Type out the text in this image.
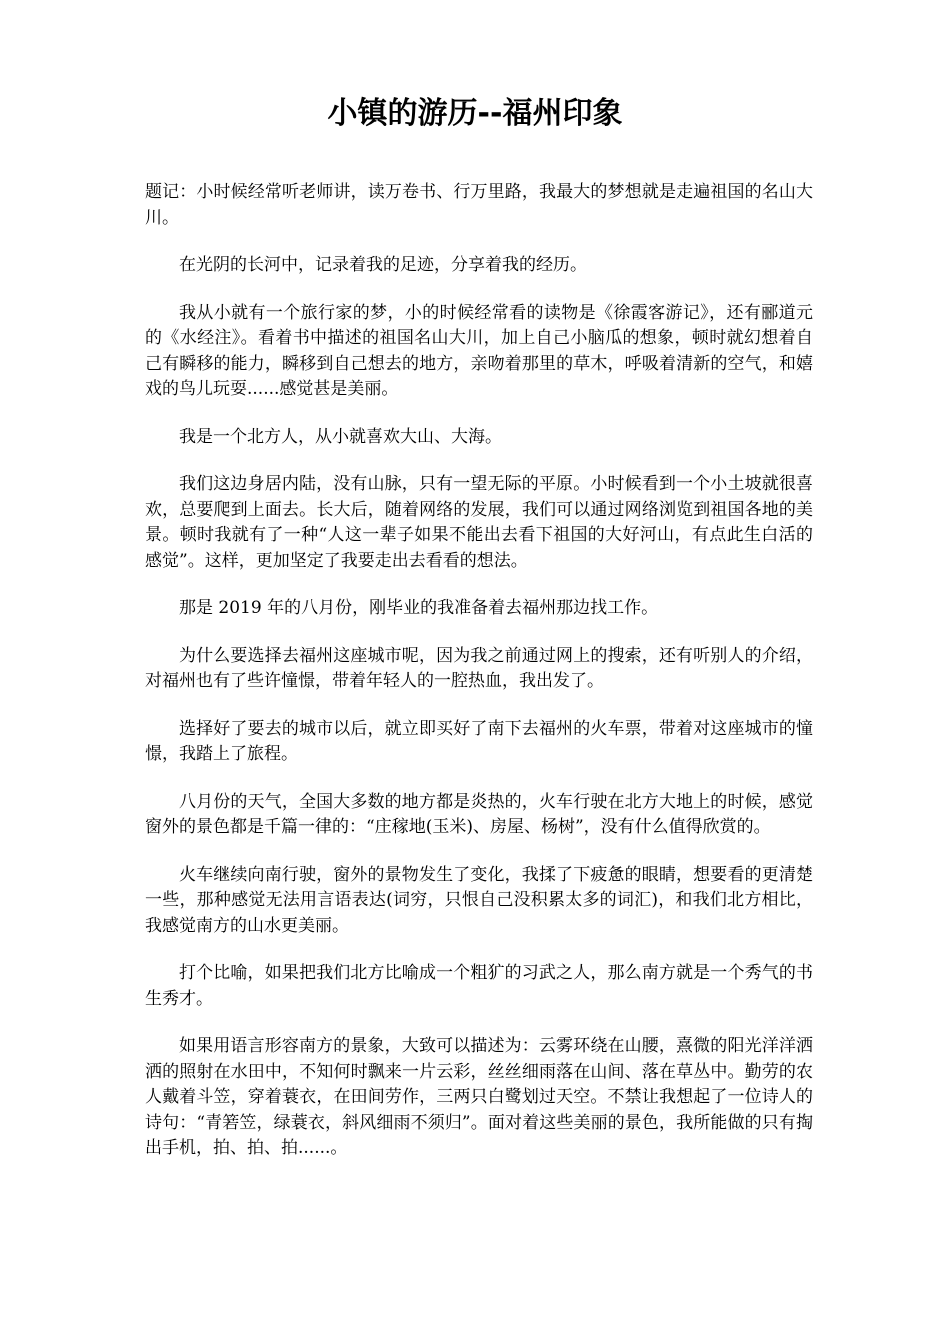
小镇的游历--福州印象

题记：小时候经常听老师讲，读万卷书、行万里路，我最大的梦想就是走遍祖国的名山大川。

在光阴的长河中，记录着我的足迹，分享着我的经历。

我从小就有一个旅行家的梦，小的时候经常看的读物是《徐霞客游记》，还有郦道元的《水经注》。看着书中描述的祖国名山大川，加上自己小脑瓜的想象，顿时就幻想着自己有瞬移的能力，瞬移到自己想去的地方，亲吻着那里的草木，呼吸着清新的空气，和嬉戏的鸟儿玩耍......感觉甚是美丽。

我是一个北方人，从小就喜欢大山、大海。

我们这边身居内陆，没有山脉，只有一望无际的平原。小时候看到一个小土坡就很喜欢，总要爬到上面去。长大后，随着网络的发展，我们可以通过网络浏览到祖国各地的美景。顿时我就有了一种“人这一辈子如果不能出去看下祖国的大好河山，有点此生白活的感觉”。这样，更加坚定了我要走出去看看的想法。

那是 2019 年的八月份，刚毕业的我准备着去福州那边找工作。

为什么要选择去福州这座城市呢，因为我之前通过网上的搜索，还有听别人的介绍，对福州也有了些许憧憬，带着年轻人的一腔热血，我出发了。

选择好了要去的城市以后，就立即买好了南下去福州的火车票，带着对这座城市的憧憬，我踏上了旅程。

八月份的天气，全国大多数的地方都是炎热的，火车行驶在北方大地上的时候，感觉窗外的景色都是千篇一律的：“庄稼地(玉米)、房屋、杨树”，没有什么值得欣赏的。

火车继续向南行驶，窗外的景物发生了变化，我揉了下疲惫的眼睛，想要看的更清楚一些，那种感觉无法用言语表达(词穷，只恨自己没积累太多的词汇)，和我们北方相比，我感觉南方的山水更美丽。

打个比喻，如果把我们北方比喻成一个粗犷的习武之人，那么南方就是一个秀气的书生秀才。

如果用语言形容南方的景象，大致可以描述为：云雾环绕在山腰，熹微的阳光洋洋洒洒的照射在水田中，不知何时飘来一片云彩，丝丝细雨落在山间、落在草丛中。勤劳的农人戴着斗笠，穿着蓑衣，在田间劳作，三两只白鹭划过天空。不禁让我想起了一位诗人的诗句：“青箬笠，绿蓑衣，斜风细雨不须归”。面对着这些美丽的景色，我所能做的只有掏出手机，拍、拍、拍......。
